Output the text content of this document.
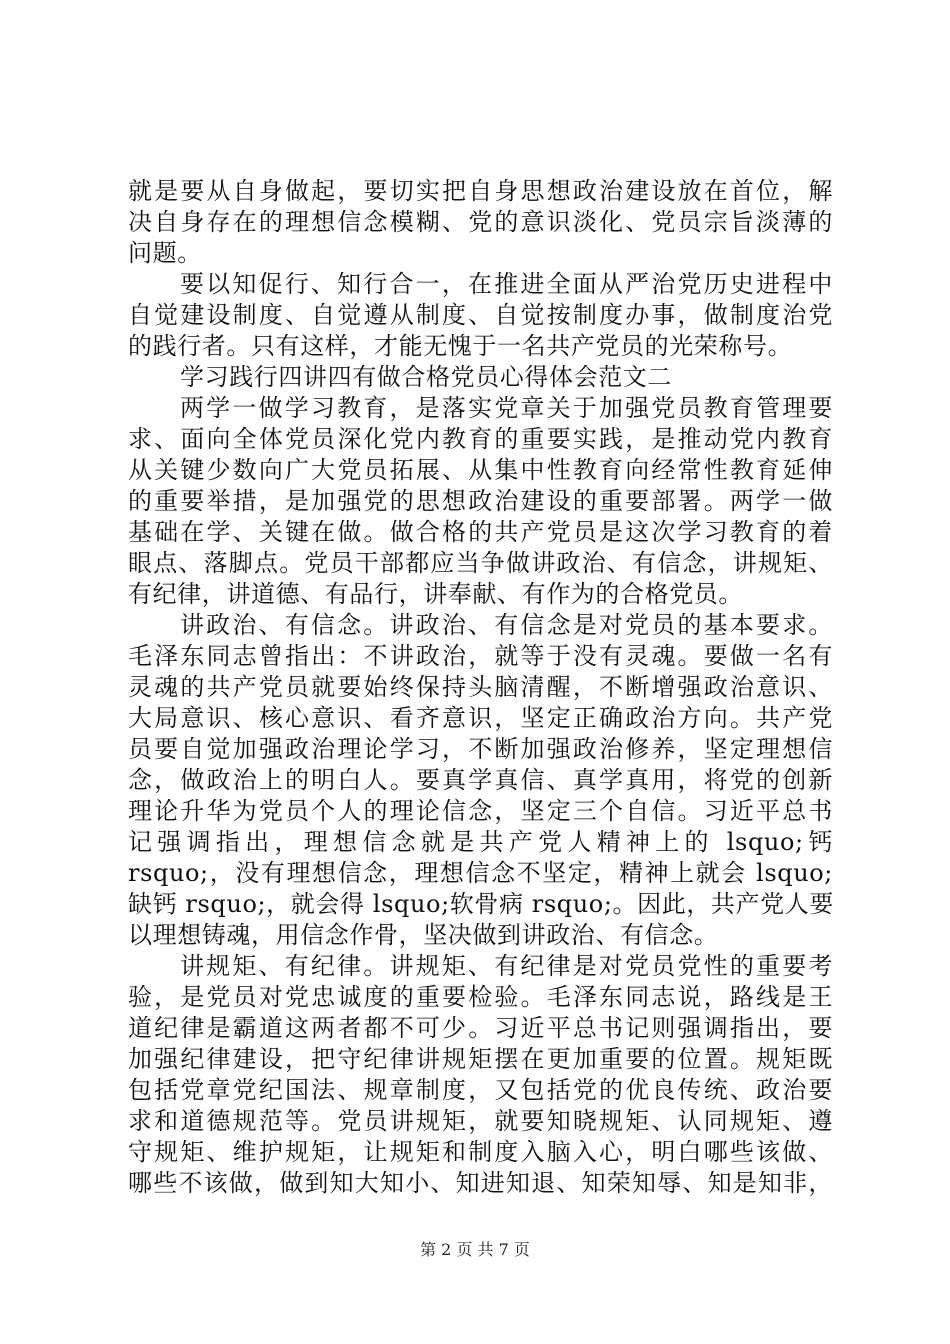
就是要从自身做起，要切实把自身思想政治建设放在首位，解
决自身存在的理想信念模糊、党的意识淡化、党员宗旨淡薄的
问题。
要以知促行、知行合一，在推进全面从严治党历史进程中
自觉建设制度、自觉遵从制度、自觉按制度办事，做制度治党
的践行者。只有这样，才能无愧于一名共产党员的光荣称号。
学习践行四讲四有做合格党员心得体会范文二
两学一做学习教育，是落实党章关于加强党员教育管理要
求、面向全体党员深化党内教育的重要实践，是推动党内教育
从关键少数向广大党员拓展、从集中性教育向经常性教育延伸
的重要举措，是加强党的思想政治建设的重要部署。两学一做
基础在学、关键在做。做合格的共产党员是这次学习教育的着
眼点、落脚点。党员干部都应当争做讲政治、有信念，讲规矩、
有纪律，讲道德、有品行，讲奉献、有作为的合格党员。
讲政治、有信念。讲政治、有信念是对党员的基本要求。
毛泽东同志曾指出：不讲政治，就等于没有灵魂。要做一名有
灵魂的共产党员就要始终保持头脑清醒，不断增强政治意识、
大局意识、核心意识、看齐意识，坚定正确政治方向。共产党
员要自觉加强政治理论学习，不断加强政治修养，坚定理想信
念，做政治上的明白人。要真学真信、真学真用，将党的创新
理论升华为党员个人的理论信念，坚定三个自信。习近平总书
记强调指出，理想信念就是共产党人精神上的 lsquo;钙
rsquo;，没有理想信念，理想信念不坚定，精神上就会 lsquo;
缺钙 rsquo;，就会得 lsquo;软骨病 rsquo;。因此，共产党人要
以理想铸魂，用信念作骨，坚决做到讲政治、有信念。
讲规矩、有纪律。讲规矩、有纪律是对党员党性的重要考
验，是党员对党忠诚度的重要检验。毛泽东同志说，路线是王
道纪律是霸道这两者都不可少。习近平总书记则强调指出，要
加强纪律建设，把守纪律讲规矩摆在更加重要的位置。规矩既
包括党章党纪国法、规章制度，又包括党的优良传统、政治要
求和道德规范等。党员讲规矩，就要知晓规矩、认同规矩、遵
守规矩、维护规矩，让规矩和制度入脑入心，明白哪些该做、
哪些不该做，做到知大知小、知进知退、知荣知辱、知是知非，
第 2 页 共 7 页
